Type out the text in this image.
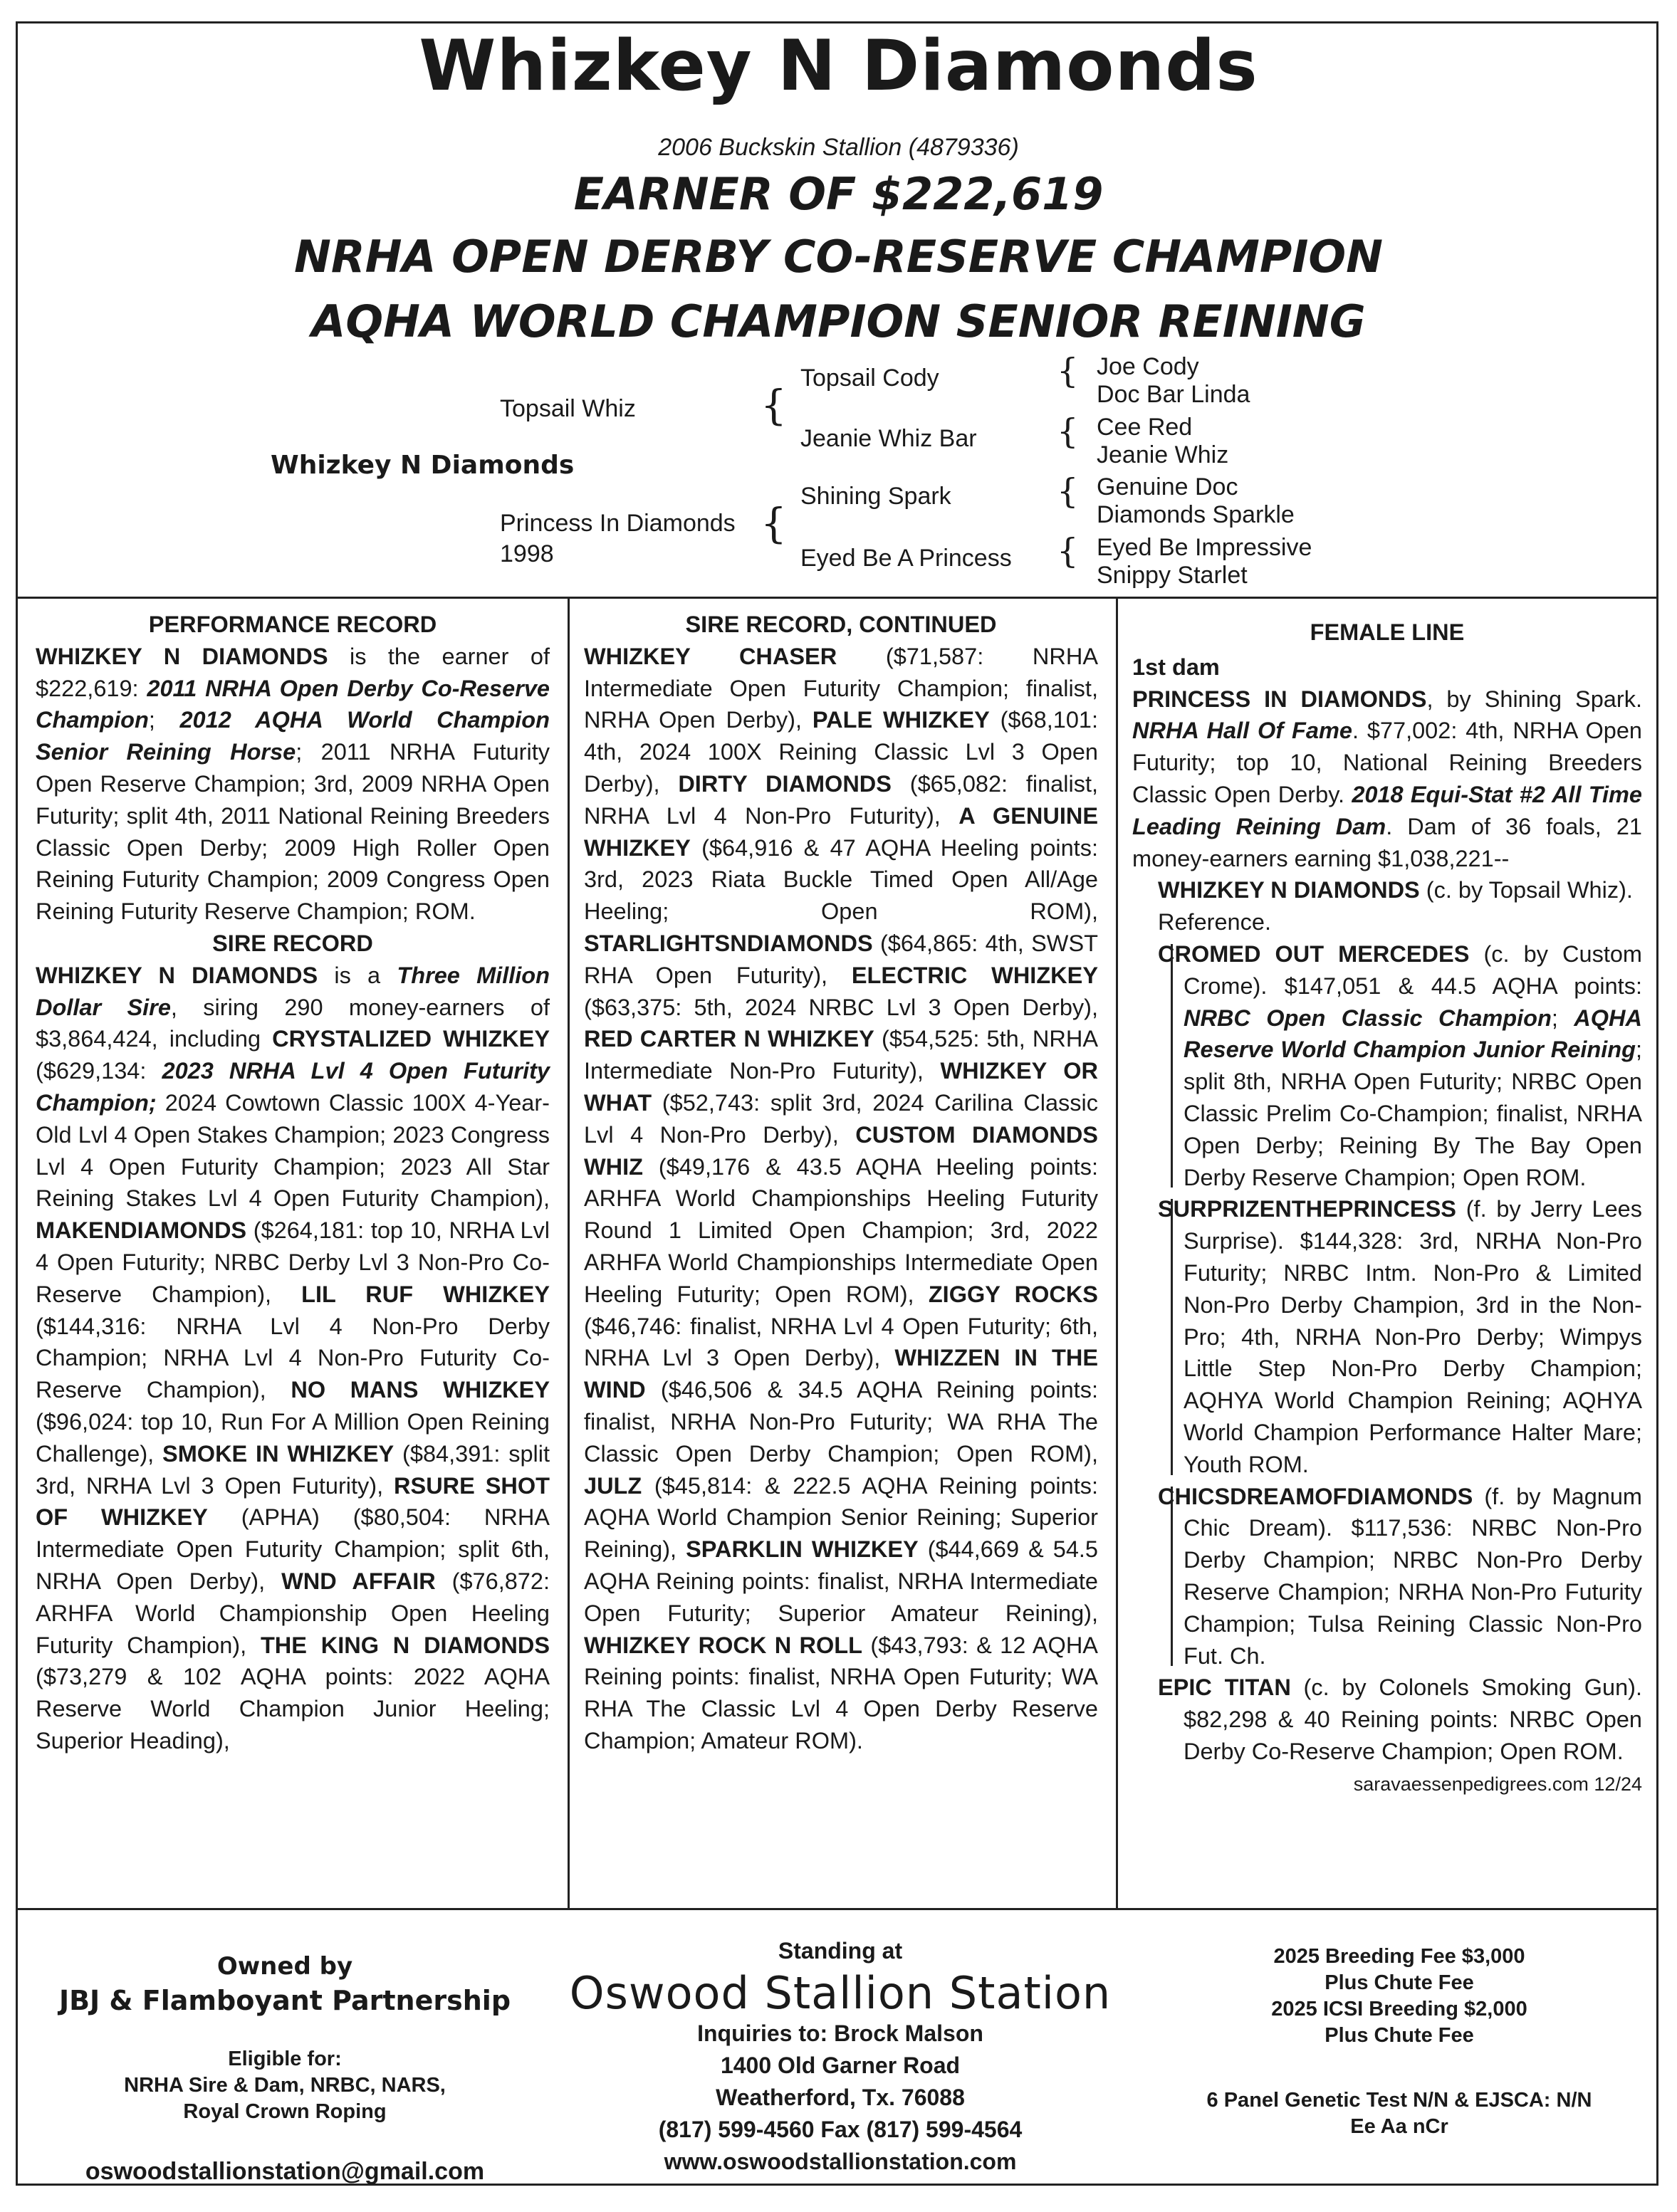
Whizkey N Diamonds
2006 Buckskin Stallion (4879336)
EARNER OF $222,619
NRHA OPEN DERBY CO-RESERVE CHAMPION
AQHA WORLD CHAMPION SENIOR REINING
Whizkey N Diamonds
Topsail Whiz
Princess In Diamonds
1998
{
{
Topsail Cody
Jeanie Whiz Bar
Shining Spark
Eyed Be A Princess
{
{
{
{
Joe Cody
Doc Bar Linda
Cee Red
Jeanie Whiz
Genuine Doc
Diamonds Sparkle
Eyed Be Impressive
Snippy Starlet
PERFORMANCE RECORD

WHIZKEY N DIAMONDS is the earner of $222,619: 2011 NRHA Open Derby Co-Reserve Champion; 2012 AQHA World Champion Senior Reining Horse; 2011 NRHA Futurity Open Reserve Champion; 3rd, 2009 NRHA Open Futurity; split 4th, 2011 National Reining Breeders Classic Open Derby; 2009 High Roller Open Reining Futurity Champion; 2009 Congress Open Reining Futurity Reserve Champion; ROM.

SIRE RECORD

WHIZKEY N DIAMONDS is a Three Million Dollar Sire, siring 290 money-earners of $3,864,424, including CRYSTALIZED WHIZKEY ($629,134: 2023 NRHA Lvl 4 Open Futurity Champion; 2024 Cowtown Classic 100X 4-Year-Old Lvl 4 Open Stakes Champion; 2023 Congress Lvl 4 Open Futurity Champion; 2023 All Star Reining Stakes Lvl 4 Open Futurity Champion), MAKENDIAMONDS ($264,181: top 10, NRHA Lvl 4 Open Futurity; NRBC Derby Lvl 3 Non-Pro Co-Reserve Champion), LIL RUF WHIZKEY ($144,316: NRHA Lvl 4 Non-Pro Derby Champion; NRHA Lvl 4 Non-Pro Futurity Co-Reserve Champion), NO MANS WHIZKEY ($96,024: top 10, Run For A Million Open Reining Challenge), SMOKE IN WHIZKEY ($84,391: split 3rd, NRHA Lvl 3 Open Futurity), RSURE SHOT OF WHIZKEY (APHA) ($80,504: NRHA Intermediate Open Futurity Champion; split 6th, NRHA Open Derby), WND AFFAIR ($76,872: ARHFA World Championship Open Heeling Futurity Champion), THE KING N DIAMONDS ($73,279 & 102 AQHA points: 2022 AQHA Reserve World Champion Junior Heeling; Superior Heading),

SIRE RECORD, CONTINUED

WHIZKEY CHASER ($71,587: NRHA Intermediate Open Futurity Champion; finalist, NRHA Open Derby), PALE WHIZKEY ($68,101: 4th, 2024 100X Reining Classic Lvl 3 Open Derby), DIRTY DIAMONDS ($65,082: finalist, NRHA Lvl 4 Non-Pro Futurity), A GENUINE WHIZKEY ($64,916 & 47 AQHA Heeling points: 3rd, 2023 Riata Buckle Timed Open All/Age Heeling; Open ROM), STARLIGHTSNDIAMONDS ($64,865: 4th, SWST RHA Open Futurity), ELECTRIC WHIZKEY ($63,375: 5th, 2024 NRBC Lvl 3 Open Derby), RED CARTER N WHIZKEY ($54,525: 5th, NRHA Intermediate Non-Pro Futurity), WHIZKEY OR WHAT ($52,743: split 3rd, 2024 Carilina Classic Lvl 4 Non-Pro Derby), CUSTOM DIAMONDS WHIZ ($49,176 & 43.5 AQHA Heeling points: ARHFA World Championships Heeling Futurity Round 1 Limited Open Champion; 3rd, 2022 ARHFA World Championships Intermediate Open Heeling Futurity; Open ROM), ZIGGY ROCKS ($46,746: finalist, NRHA Lvl 4 Open Futurity; 6th, NRHA Lvl 3 Open Derby), WHIZZEN IN THE WIND ($46,506 & 34.5 AQHA Reining points: finalist, NRHA Non-Pro Futurity; WA RHA The Classic Open Derby Champion; Open ROM), JULZ ($45,814: & 222.5 AQHA Reining points: AQHA World Champion Senior Reining; Superior Reining), SPARKLIN WHIZKEY ($44,669 & 54.5 AQHA Reining points: finalist, NRHA Intermediate Open Futurity; Superior Amateur Reining), WHIZKEY ROCK N ROLL ($43,793: & 12 AQHA Reining points: finalist, NRHA Open Futurity; WA RHA The Classic Lvl 4 Open Derby Reserve Champion; Amateur ROM).

FEMALE LINE

1st dam

PRINCESS IN DIAMONDS, by Shining Spark. NRHA Hall Of Fame. $77,002: 4th, NRHA Open Futurity; top 10, National Reining Breeders Classic Open Derby. 2018 Equi-Stat #2 All Time Leading Reining Dam. Dam of 36 foals, 21 money-earners earning $1,038,221--

WHIZKEY N DIAMONDS (c. by Topsail Whiz). Reference.

CROMED OUT MERCEDES (c. by Custom Crome). $147,051 & 44.5 AQHA points: NRBC Open Classic Champion; AQHA Reserve World Champion Junior Reining; split 8th, NRHA Open Futurity; NRBC Open Classic Prelim Co-Champion; finalist, NRHA Open Derby; Reining By The Bay Open Derby Reserve Champion; Open ROM.

SURPRIZENTHEPRINCESS (f. by Jerry Lees Surprise). $144,328: 3rd, NRHA Non-Pro Futurity; NRBC Intm. Non-Pro & Limited Non-Pro Derby Champion, 3rd in the Non-Pro; 4th, NRHA Non-Pro Derby; Wimpys Little Step Non-Pro Derby Champion; AQHYA World Champion Reining; AQHYA World Champion Performance Halter Mare; Youth ROM.

CHICSDREAMOFDIAMONDS (f. by Magnum Chic Dream). $117,536: NRBC Non-Pro Derby Champion; NRBC Non-Pro Derby Reserve Champion; NRHA Non-Pro Futurity Champion; Tulsa Reining Classic Non-Pro Fut. Ch.

EPIC TITAN (c. by Colonels Smoking Gun). $82,298 & 40 Reining points: NRBC Open Derby Co-Reserve Champion; Open ROM.

saravaessenpedigrees.com 12/24

Owned by
JBJ & Flamboyant Partnership
Eligible for:
NRHA Sire & Dam, NRBC, NARS,
Royal Crown Roping
oswoodstallionstation@gmail.com
Standing at
Oswood Stallion Station
Inquiries to: Brock Malson
1400 Old Garner Road
Weatherford, Tx. 76088
(817) 599-4560 Fax (817) 599-4564
www.oswoodstallionstation.com
2025 Breeding Fee $3,000
Plus Chute Fee
2025 ICSI Breeding $2,000
Plus Chute Fee
6 Panel Genetic Test N/N & EJSCA: N/N
Ee Aa nCr
